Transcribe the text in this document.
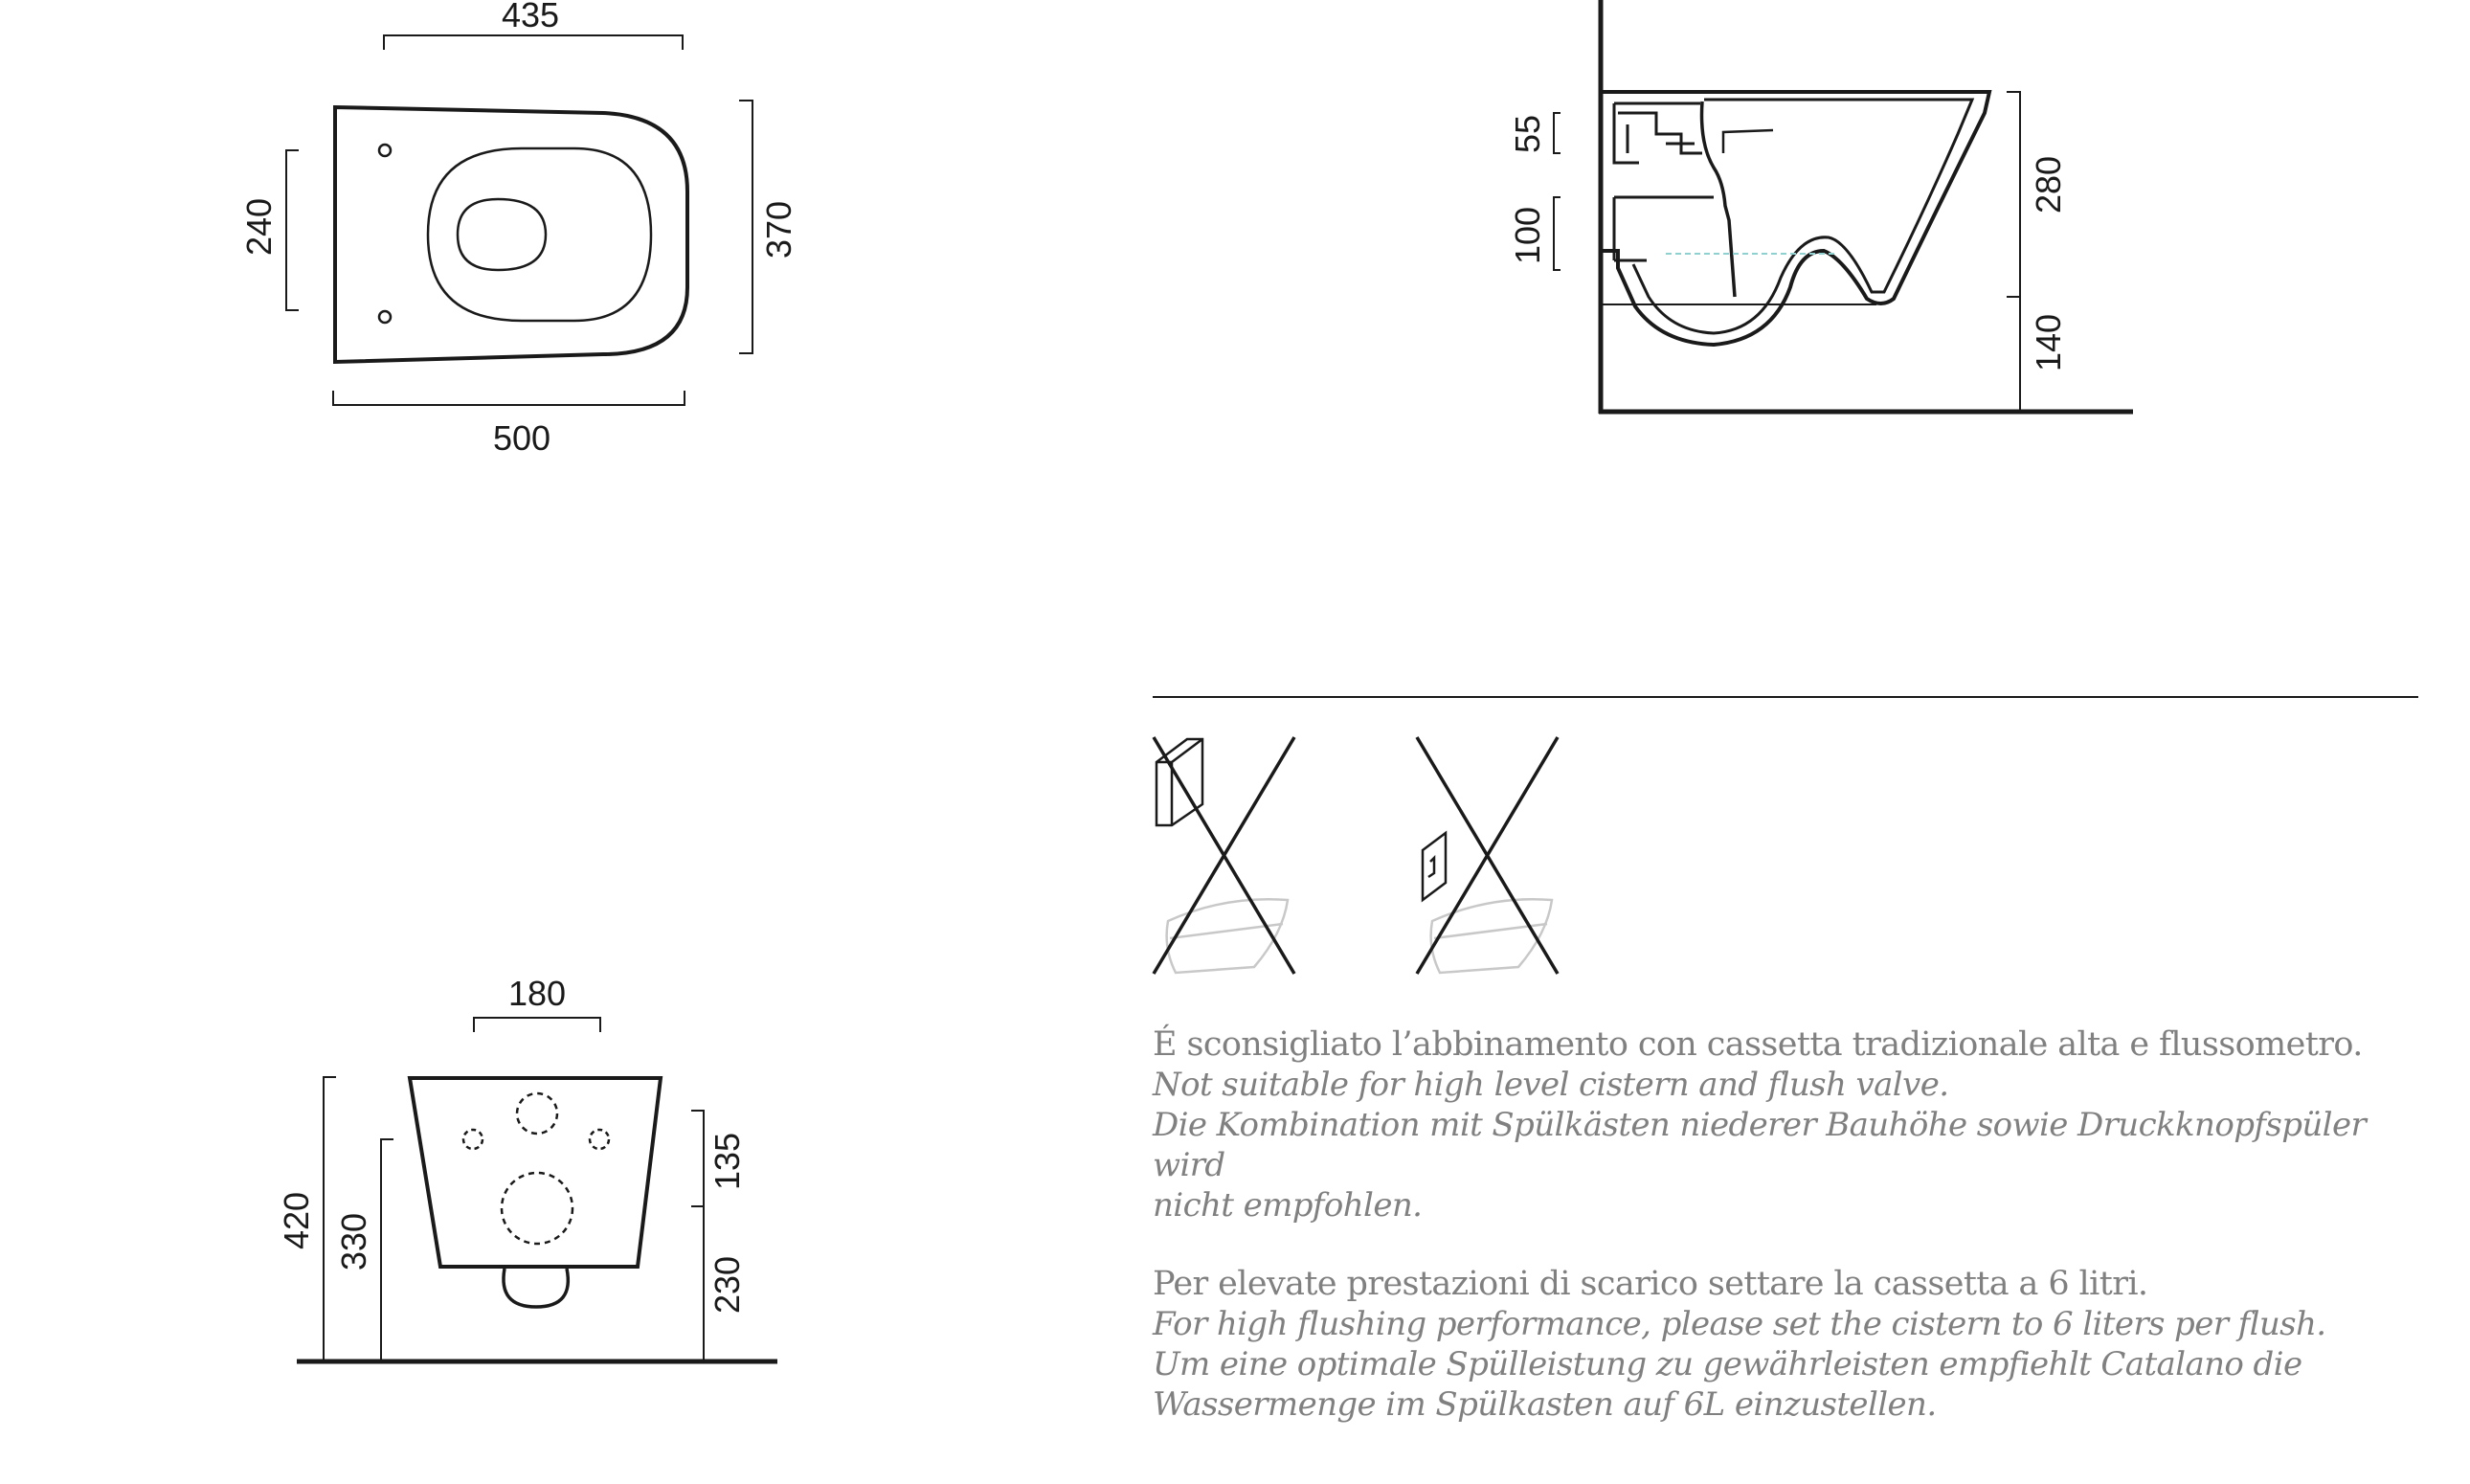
435
500
240	370
55
100
280
140
180
420 330
135
230

É sconsigliato l’abbinamento con cassetta tradizionale alta e flussometro.

Not suitable for high level cistern and flush valve.

Die Kombination mit Spülkästen niederer Bauhöhe sowie Druckknopfspüler wird

nicht empfohlen.

Per elevate prestazioni di scarico settare la cassetta a 6 litri.

For high flushing performance, please set the cistern to 6 liters per flush.

Um eine optimale Spülleistung zu gewährleisten empfiehlt Catalano die

Wassermenge im Spülkasten auf 6L einzustellen.
